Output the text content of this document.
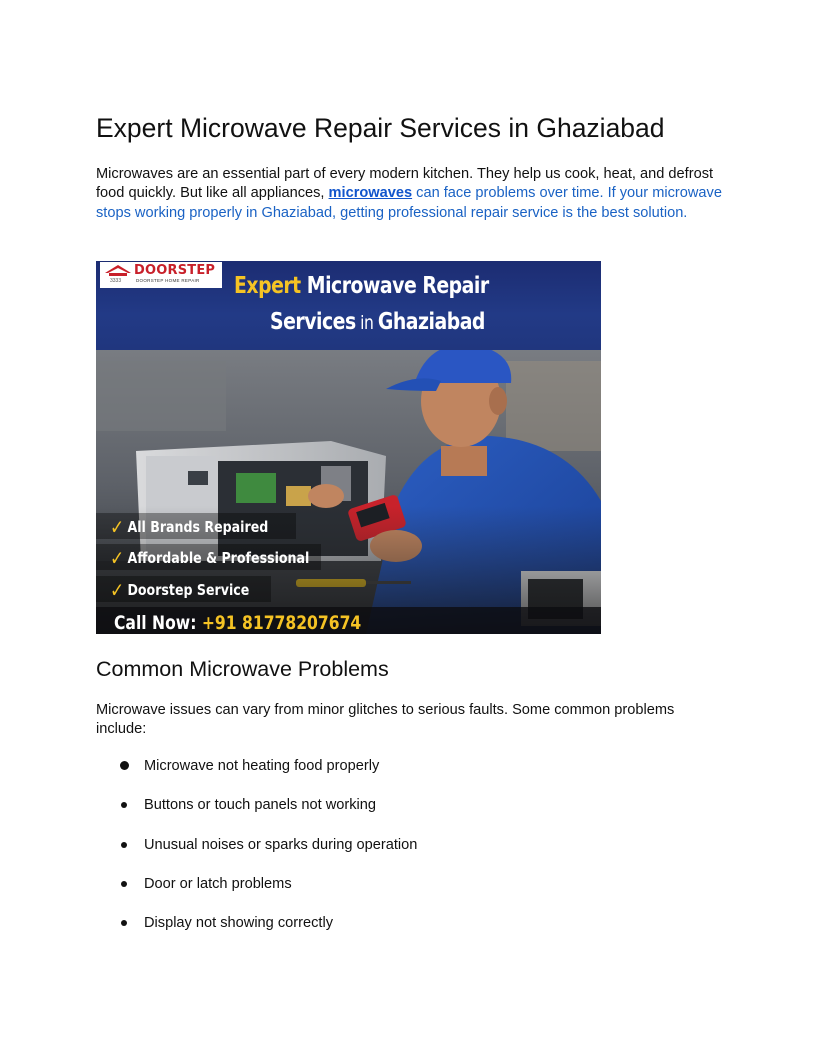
Expert Microwave Repair Services in Ghaziabad

Microwaves are an essential part of every modern kitchen. They help us cook, heat, and defrost food quickly. But like all appliances, microwaves can face problems over time. If your microwave stops working properly in Ghaziabad, getting professional repair service is the best solution.

DOORSTEP
3333	DOORSTEP HOME REPAIR Expert Microwave Repair
Services in Ghaziabad
✓ All Brands Repaired
✓ Affordable & Professional
✓ Doorstep Service
Call Now: +91 81778207674
Common Microwave Problems

Microwave issues can vary from minor glitches to serious faults. Some common problems include:

Microwave not heating food properly
Buttons or touch panels not working
Unusual noises or sparks during operation
Door or latch problems
Display not showing correctly
